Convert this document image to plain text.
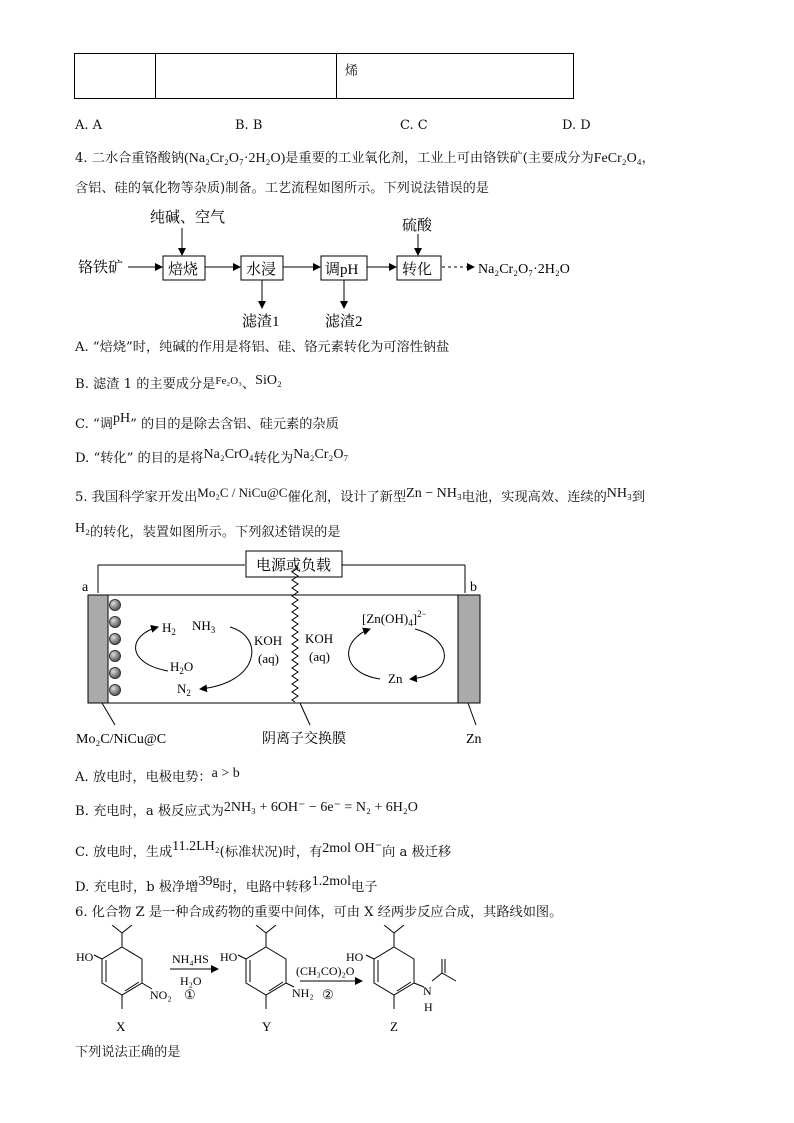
		烯
A. A	B. B	C. C	D. D
4. 二水合重铬酸钠(Na₂Cr₂O₇·2H₂O)是重要的工业氧化剂，工业上可由铬铁矿(主要成分为FeCr₂O₄，
含铝、硅的氧化物等杂质)制备。工艺流程如图所示。下列说法错误的是
纯碱、空气
铬铁矿	焙烧	水浸
滤渣1
调pH
滤渣2
硫酸
转化	Na₂Cr₂O₇·2H₂O
A. “焙烧”时，纯碱的作用是将铝、硅、铬元素转化为可溶性钠盐
B. 滤渣 1 的主要成分是$^{Fe_2O_3}$、SiO₂
C. “调pH” 的目的是除去含铝、硅元素的杂质
D. “转化” 的目的是将Na₂CrO₄转化为Na₂Cr₂O₇
5. 我国科学家开发出Mo₂C / NiCu@C催化剂，设计了新型Zn − NH₃电池，实现高效、连续的NH₃到
H₂的转化，装置如图所示。下列叙述错误的是
电源或负载
a	b
$H_2$ $NH_3$
$H_2O$
$N_2$
KOH
(aq)
KOH
(aq)
$[Zn(OH)_4]^{2-}$
Zn
Mo₂C/NiCu@C	阴离子交换膜	Zn
A. 放电时，电极电势：a > b
B. 充电时，a 极反应式为2NH₃ + 6OH⁻ − 6e⁻ = N₂ + 6H₂O
C. 放电时，生成11.2LH₂(标准状况)时，有2mol OH⁻向 a 极迁移
D. 充电时，b 极净增39g时，电路中转移1.2mol电子
6. 化合物 Z 是一种合成药物的重要中间体，可由 X 经两步反应合成，其路线如图。
HO
NO₂
X
NH₄HS
H₂O
①
HO
NH₂
Y
(CH₃CO)₂O
②
HO
N
H
Z
下列说法正确的是
